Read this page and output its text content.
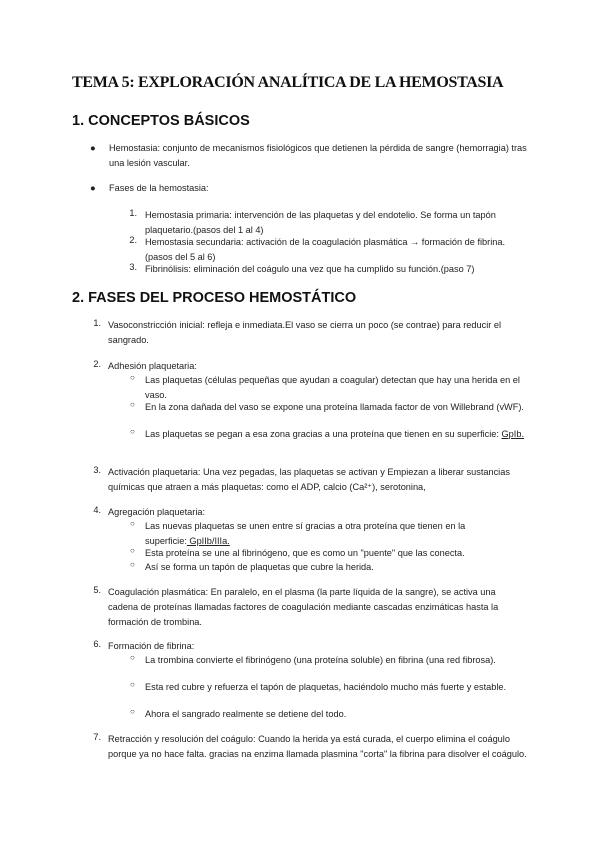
TEMA 5: EXPLORACIÓN ANALÍTICA DE LA HEMOSTASIA
1. CONCEPTOS BÁSICOS
● Hemostasia: conjunto de mecanismos fisiológicos que detienen la pérdida de sangre (hemorragia) tras una lesión vascular.
● Fases de la hemostasia:
1. Hemostasia primaria: intervención de las plaquetas y del endotelio. Se forma un tapón plaquetario.(pasos del 1 al 4)
2. Hemostasia secundaria: activación de la coagulación plasmática → formación de fibrina. (pasos del 5 al 6)
3. Fibrinólisis: eliminación del coágulo una vez que ha cumplido su función.(paso 7)
2. FASES DEL PROCESO HEMOSTÁTICO
1. Vasoconstricción inicial: refleja e inmediata.El vaso se cierra un poco (se contrae) para reducir el sangrado.
2. Adhesión plaquetaria:
○ Las plaquetas (células pequeñas que ayudan a coagular) detectan que hay una herida en el vaso.
○ En la zona dañada del vaso se expone una proteína llamada factor de von Willebrand (vWF).
○ Las plaquetas se pegan a esa zona gracias a una proteína que tienen en su superficie: GpIb.
3. Activación plaquetaria: Una vez pegadas, las plaquetas se activan y Empiezan a liberar sustancias químicas que atraen a más plaquetas: como el ADP, calcio (Ca²⁺), serotonina,
4. Agregación plaquetaria:
○ Las nuevas plaquetas se unen entre sí gracias a otra proteína que tienen en la superficie: GpIIb/IIIa.
○ Esta proteína se une al fibrinógeno, que es como un "puente" que las conecta.
○ Así se forma un tapón de plaquetas que cubre la herida.
5. Coagulación plasmática: En paralelo, en el plasma (la parte líquida de la sangre), se activa una cadena de proteínas llamadas factores de coagulación mediante cascadas enzimáticas hasta la formación de trombina.
6. Formación de fibrina:
○ La trombina convierte el fibrinógeno (una proteína soluble) en fibrina (una red fibrosa).
○ Esta red cubre y refuerza el tapón de plaquetas, haciéndolo mucho más fuerte y estable.
○ Ahora el sangrado realmente se detiene del todo.
7. Retracción y resolución del coágulo: Cuando la herida ya está curada, el cuerpo elimina el coágulo porque ya no hace falta. gracias na enzima llamada plasmina "corta" la fibrina para disolver el coágulo.
